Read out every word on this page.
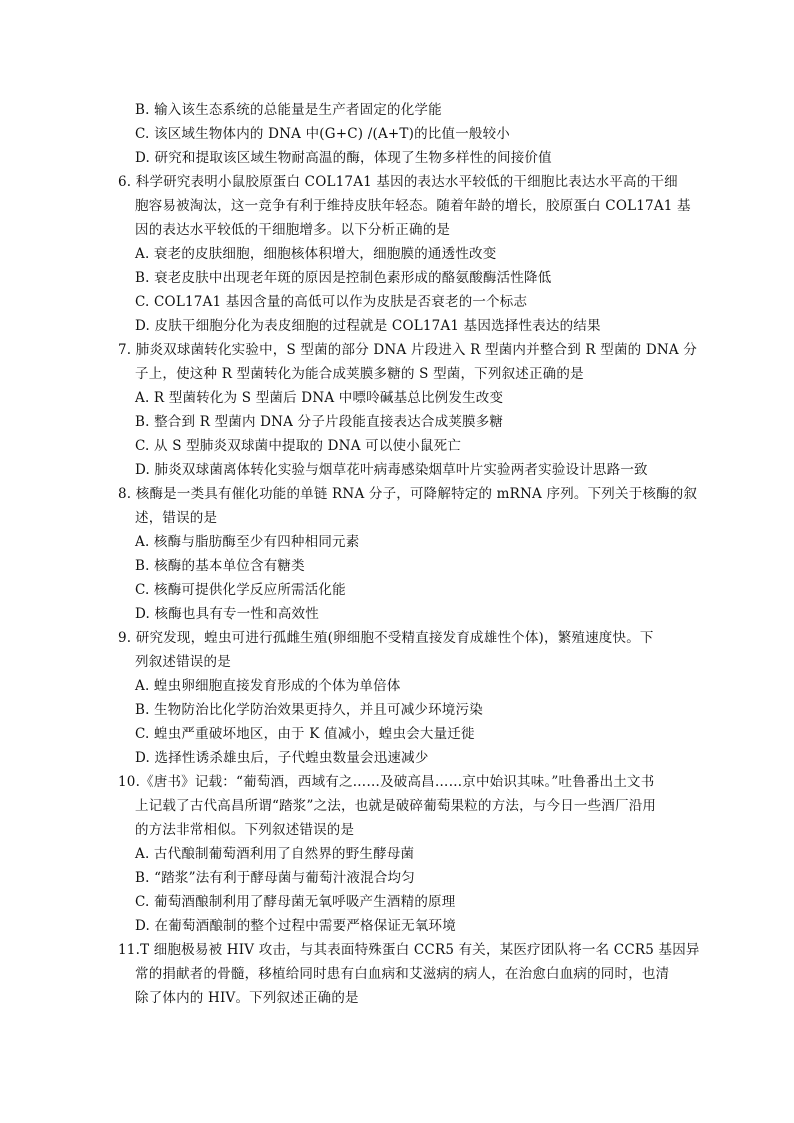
B. 输入该生态系统的总能量是生产者固定的化学能
C. 该区域生物体内的 DNA 中(G+C) /(A+T)的比值一般较小
D. 研究和提取该区域生物耐高温的酶，体现了生物多样性的间接价值
6. 科学研究表明小鼠胶原蛋白 COL17A1 基因的表达水平较低的干细胞比表达水平高的干细
胞容易被淘汰，这一竞争有利于维持皮肤年轻态。随着年龄的增长，胶原蛋白 COL17A1 基
因的表达水平较低的干细胞增多。以下分析正确的是
A. 衰老的皮肤细胞，细胞核体积增大，细胞膜的通透性改变
B. 衰老皮肤中出现老年斑的原因是控制色素形成的酪氨酸酶活性降低
C. COL17A1 基因含量的高低可以作为皮肤是否衰老的一个标志
D. 皮肤干细胞分化为表皮细胞的过程就是 COL17A1 基因选择性表达的结果
7. 肺炎双球菌转化实验中，S 型菌的部分 DNA 片段进入 R 型菌内并整合到 R 型菌的 DNA 分
子上，使这种 R 型菌转化为能合成荚膜多糖的 S 型菌，下列叙述正确的是
A. R 型菌转化为 S 型菌后 DNA 中嘌呤碱基总比例发生改变
B. 整合到 R 型菌内 DNA 分子片段能直接表达合成荚膜多糖
C. 从 S 型肺炎双球菌中提取的 DNA 可以使小鼠死亡
D. 肺炎双球菌离体转化实验与烟草花叶病毒感染烟草叶片实验两者实验设计思路一致
8. 核酶是一类具有催化功能的单链 RNA 分子，可降解特定的 mRNA 序列。下列关于核酶的叙
述，错误的是
A. 核酶与脂肪酶至少有四种相同元素
B. 核酶的基本单位含有糖类
C. 核酶可提供化学反应所需活化能
D. 核酶也具有专一性和高效性
9. 研究发现，蝗虫可进行孤雌生殖(卵细胞不受精直接发育成雄性个体)，繁殖速度快。下
列叙述错误的是
A. 蝗虫卵细胞直接发育形成的个体为单倍体
B. 生物防治比化学防治效果更持久，并且可减少环境污染
C. 蝗虫严重破坏地区，由于 K 值减小，蝗虫会大量迁徙
D. 选择性诱杀雄虫后，子代蝗虫数量会迅速减少
10.《唐书》记载：“葡萄酒，西域有之……及破高昌……京中始识其味。”吐鲁番出土文书
上记载了古代高昌所谓“踏浆”之法，也就是破碎葡萄果粒的方法，与今日一些酒厂沿用
的方法非常相似。下列叙述错误的是
A. 古代酿制葡萄酒利用了自然界的野生酵母菌
B. “踏浆”法有利于酵母菌与葡萄汁液混合均匀
C. 葡萄酒酿制利用了酵母菌无氧呼吸产生酒精的原理
D. 在葡萄酒酿制的整个过程中需要严格保证无氧环境
11.T 细胞极易被 HIV 攻击，与其表面特殊蛋白 CCR5 有关，某医疗团队将一名 CCR5 基因异
常的捐献者的骨髓，移植给同时患有白血病和艾滋病的病人，在治愈白血病的同时，也清
除了体内的 HIV。下列叙述正确的是
